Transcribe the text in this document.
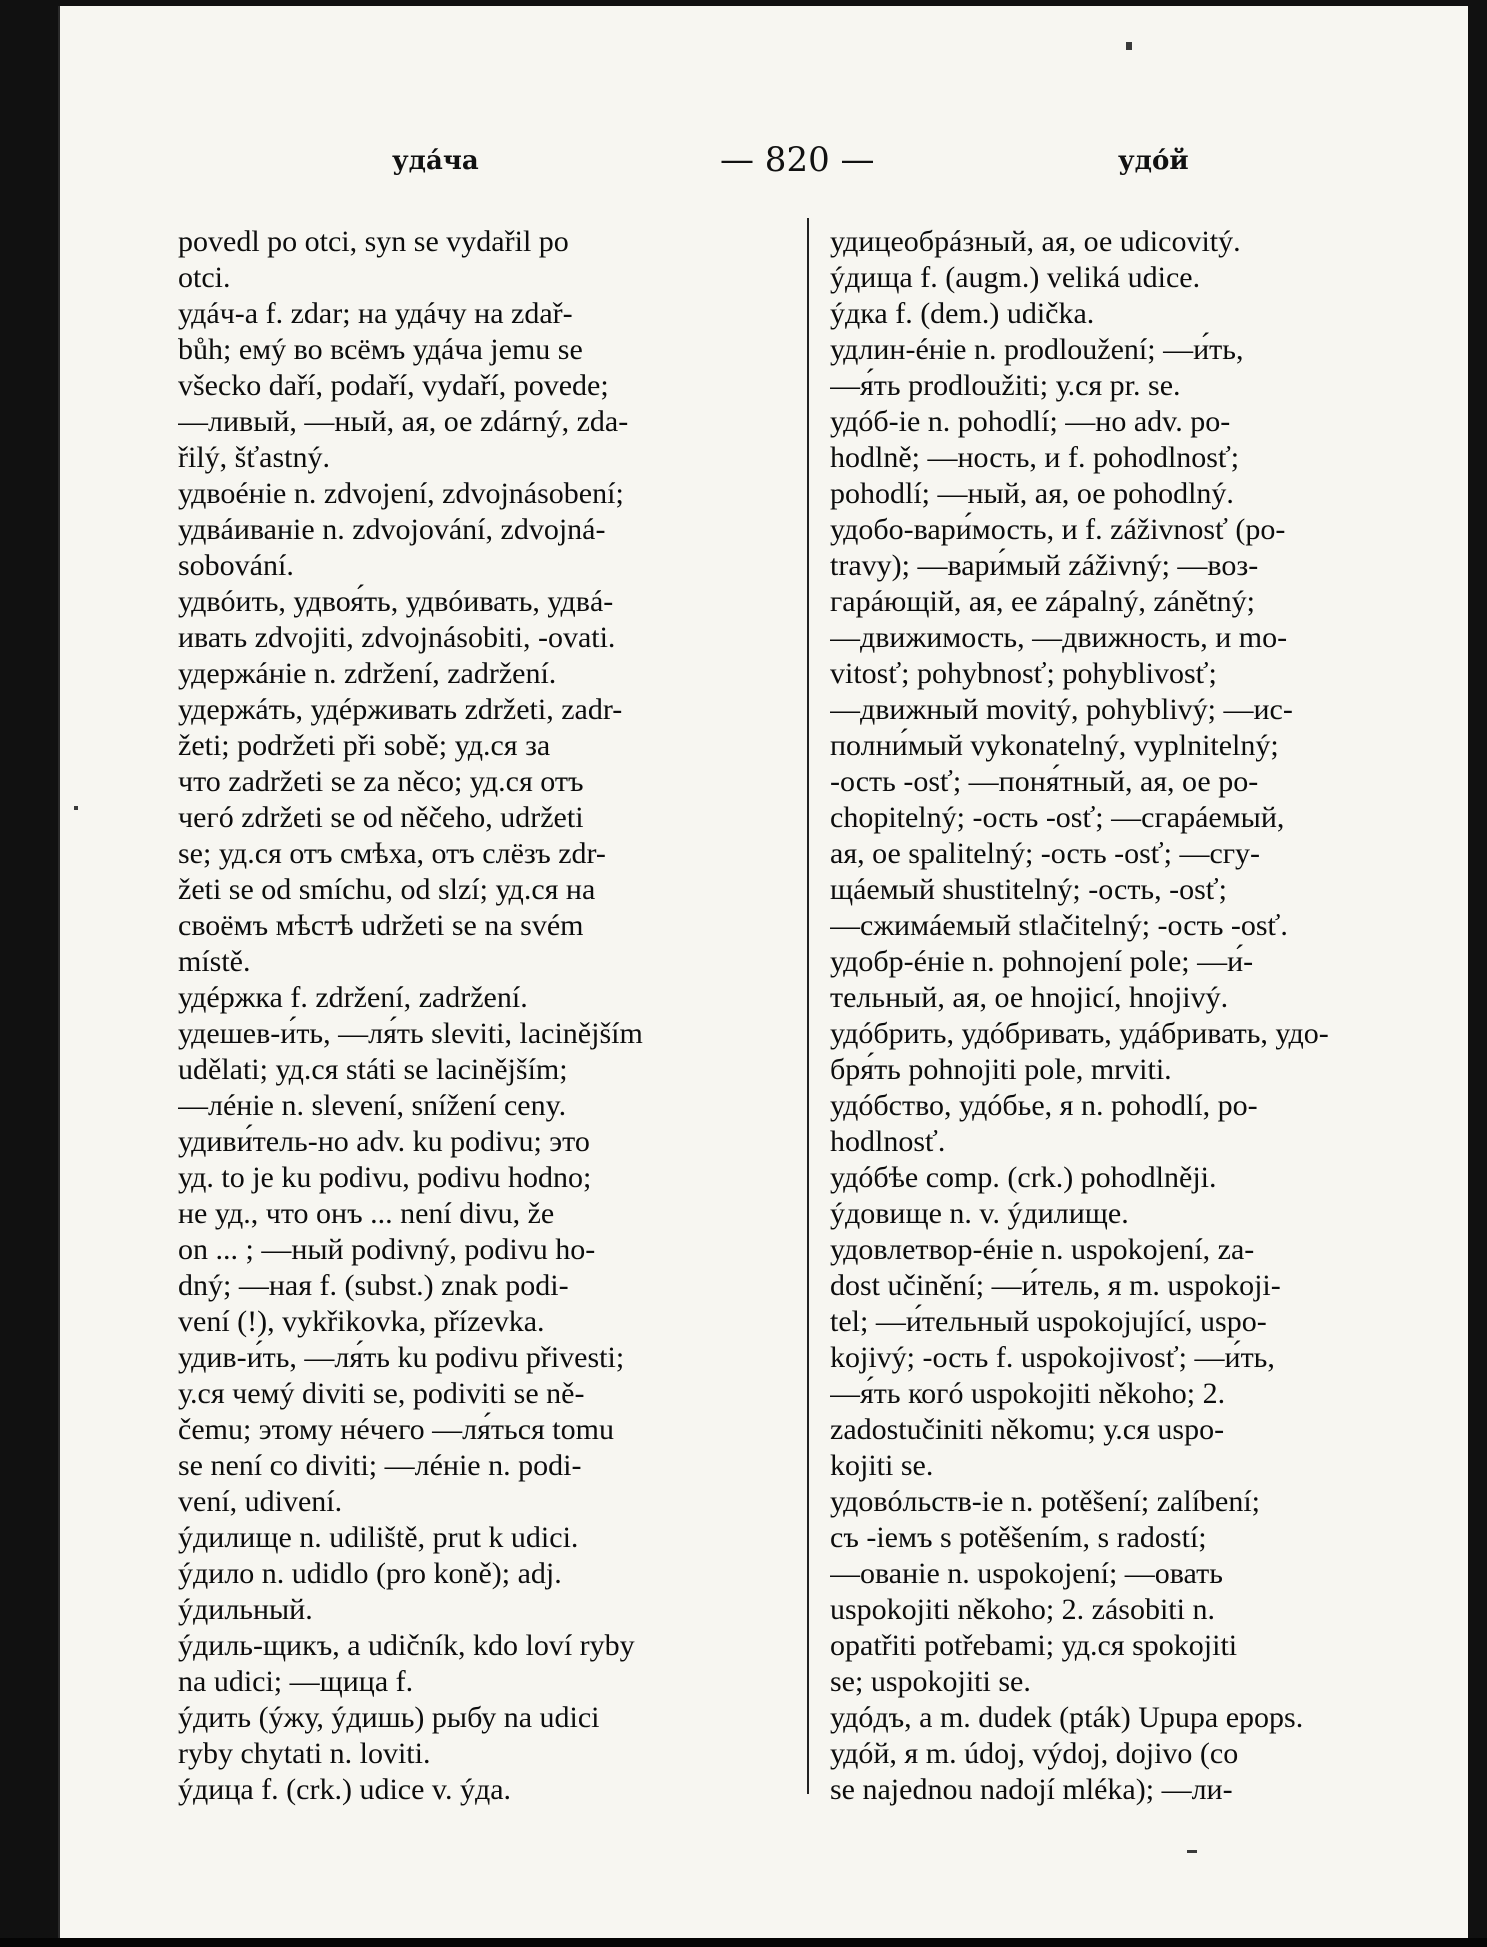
удáча	— 820 —	удóй
povedl po otci, syn se vydařil po
otci.
удáч-а f. zdar; на удáчу на zdař-
bůh; емý во всёмъ удáча jemu se
všecko daří, podaří, vydaří, povede;
—ливый, —ный, ая, ое zdárný, zda-
řilý, šťastný.
удвоéніе n. zdvojení, zdvojnásobení;
удвáиваніе n. zdvojování, zdvojná-
sobování.
удвóить, удвоя́ть, удвóивать, удвá-
ивать zdvojiti, zdvojnásobiti, -ovati.
удержáніе n. zdržení, zadržení.
удержáть, удéрживать zdržeti, zadr-
žeti; podržeti při sobě; уд.ся за
что zadržeti se za něco; уд.ся отъ
чегó zdržeti se od něčeho, udržeti
se; уд.ся отъ смѣха, отъ слёзъ zdr-
žeti se od smíchu, od slzí; уд.ся на
своёмъ мѣстѣ udržeti se na svém
místě.
удéржка f. zdržení, zadržení.
удешев-и́ть, —ля́ть sleviti, lacinějším
udělati; уд.ся státi se lacinějším;
—лéніе n. slevení, snížení ceny.
удиви́тель-но adv. ku podivu; это
уд. to je ku podivu, podivu hodno;
не уд., что онъ ... není divu, že
on ... ; —ный podivný, podivu ho-
dný; —ная f. (subst.) znak podi-
vení (!), vykřikovka, přízevka.
удив-и́ть, —ля́ть ku podivu přivesti;
у.ся чемý diviti se, podiviti se ně-
čemu; этому нéчего —ля́ться tomu
se není co diviti; —лéніе n. podi-
vení, udivení.
ýдилище n. udiliště, prut k udici.
ýдило n. udidlo (pro koně); adj.
ýдильный.
ýдиль-щикъ, a udičník, kdo loví ryby
na udici; —щица f.
ýдить (ýжу, ýдишь) рыбу na udici
ryby chytati n. loviti.
ýдица f. (crk.) udice v. ýда.
удицеобрáзный, ая, ое udicovitý.
ýдища f. (augm.) veliká udice.
ýдка f. (dem.) udička.
удлин-éніе n. prodloužení; —и́ть,
—я́ть prodloužiti; у.ся pr. se.
удóб-іе n. pohodlí; —но adv. po-
hodlně; —ность, и f. pohodlnosť;
pohodlí; —ный, ая, ое pohodlný.
удобо-вари́мость, и f. záživnosť (po-
travy); —вари́мый záživný; —воз-
гарáющій, ая, ее zápalný, zánětný;
—движимость, —движность, и mo-
vitosť; pohybnosť; pohyblivosť;
—движный movitý, pohyblivý; —ис-
полни́мый vykonatelný, vyplnitelný;
-ость -osť; —поня́тный, ая, ое po-
chopitelný; -ость -osť; —сгарáемый,
ая, ое spalitelný; -ость -osť; —сгу-
щáемый shustitelný; -ость, -osť;
—сжимáемый stlačitelný; -ость -osť.
удобр-éніе n. pohnojení pole; —и́-
тельный, ая, ое hnojicí, hnojivý.
удóбрить, удóбривать, удáбривать, удо-
бря́ть pohnojiti pole, mrviti.
удóбство, удóбье, я n. pohodlí, po-
hodlnosť.
удóбѣе comp. (crk.) pohodlněji.
ýдовище n. v. ýдилище.
удовлетвор-éніе n. uspokojení, za-
dost učinění; —и́тель, я m. uspokoji-
tel; —и́тельный uspokojující, uspo-
kojivý; -ость f. uspokojivosť; —и́ть,
—я́ть когó uspokojiti někoho; 2.
zadostučiniti někomu; у.ся uspo-
kojiti se.
удовóльств-іе n. potěšení; zalíbení;
съ -іемъ s potěšením, s radostí;
—ованіе n. uspokojení; —овать
uspokojiti někoho; 2. zásobiti n.
opatřiti potřebami; уд.ся spokojiti
se; uspokojiti se.
удóдъ, а m. dudek (pták) Upupa epops.
удóй, я m. údoj, výdoj, dojivo (co
se najednou nadojí mléka); —ли-
